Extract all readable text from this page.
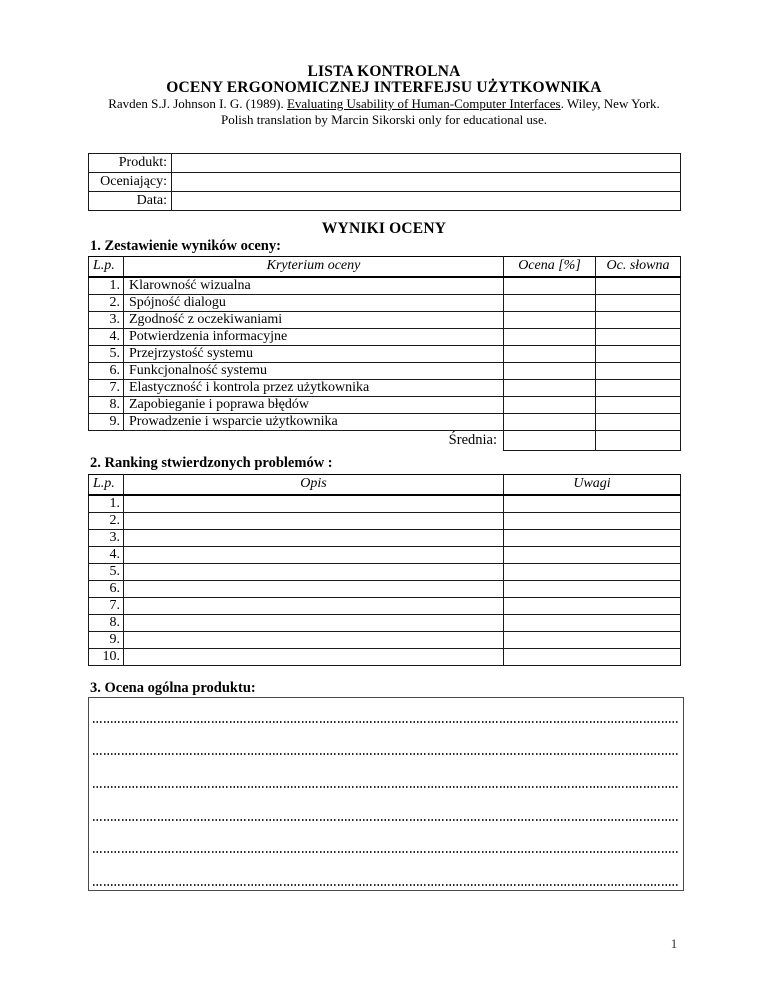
LISTA KONTROLNA
OCENY ERGONOMICZNEJ INTERFEJSU UŻYTKOWNIKA
Ravden S.J. Johnson I. G. (1989). Evaluating Usability of Human-Computer Interfaces. Wiley, New York.
Polish translation by Marcin Sikorski only for educational use.
Produkt:	
Oceniający:	
Data:	
WYNIKI OCENY
1. Zestawienie wyników oceny:
L.p.	Kryterium oceny	Ocena [%]	Oc. słowna
1.	Klarowność wizualna		
2.	Spójność dialogu		
3.	Zgodność z oczekiwaniami		
4.	Potwierdzenia informacyjne		
5.	Przejrzystość systemu		
6.	Funkcjonalność systemu		
7.	Elastyczność i kontrola przez użytkownika		
8.	Zapobieganie i poprawa błędów		
9.	Prowadzenie i wsparcie użytkownika		
Średnia:			
2. Ranking stwierdzonych problemów :
L.p.	Opis	Uwagi
1.		
2.		
3.		
4.		
5.		
6.		
7.		
8.		
9.		
10.		
3. Ocena ogólna produktu:
1
